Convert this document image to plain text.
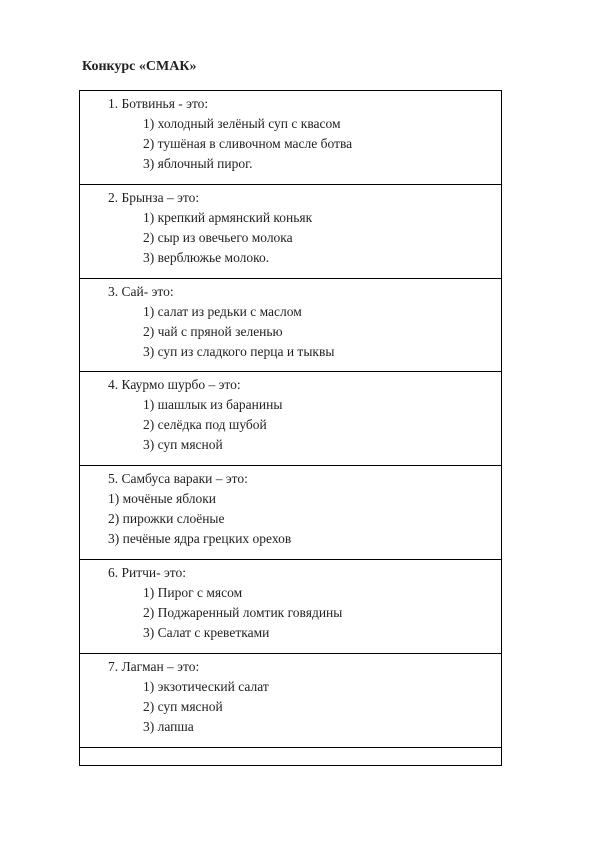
Конкурс «СМАК»
1. Ботвинья - это:
1) холодный зелёный суп с квасом
2) тушёная в сливочном масле ботва
3) яблочный пирог.
2. Брынза – это:
1) крепкий армянский коньяк
2) сыр из овечьего молока
3) верблюжье молоко.
3. Сай- это:
1) салат из редьки с маслом
2) чай с пряной зеленью
3) суп из сладкого перца и тыквы
4. Каурмо шурбо – это:
1) шашлык из баранины
2) селёдка под шубой
3) суп мясной
5. Самбуса вараки – это:
1) мочёные яблоки
2) пирожки слоёные
3) печёные ядра грецких орехов
6. Ритчи- это:
1) Пирог с мясом
2) Поджаренный ломтик говядины
3) Салат с креветками
7. Лагман – это:
1) экзотический салат
2) суп мясной
3) лапша
